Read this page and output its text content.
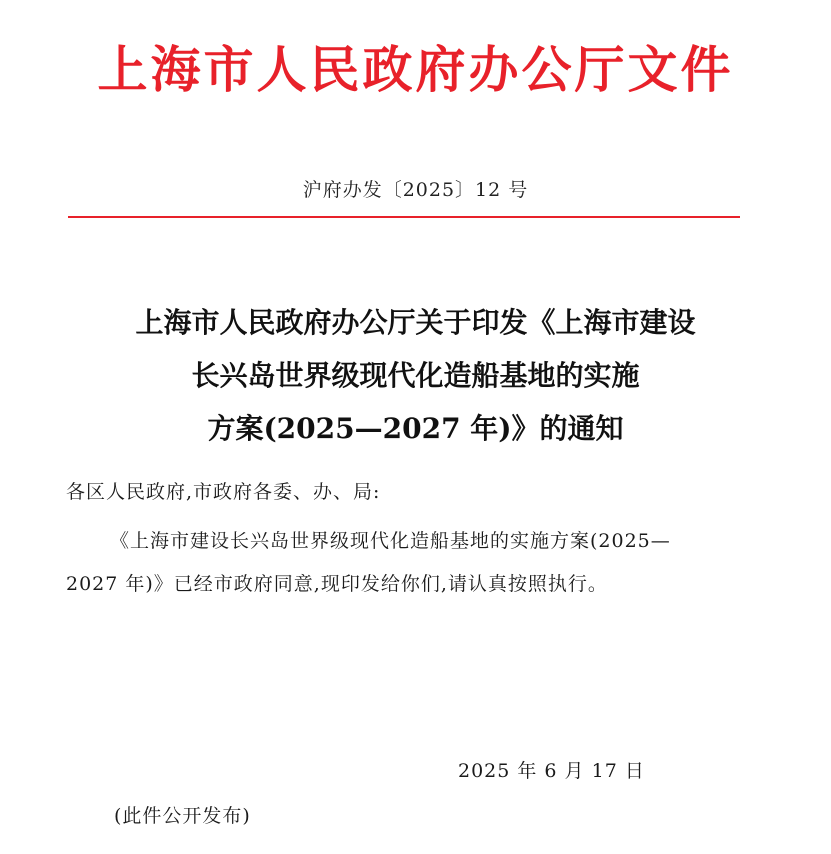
上海市人民政府办公厅文件
沪府办发〔2025〕12 号
上海市人民政府办公厅关于印发《上海市建设
长兴岛世界级现代化造船基地的实施
方案(2025—2027 年)》的通知
各区人民政府,市政府各委、办、局:
《上海市建设长兴岛世界级现代化造船基地的实施方案(2025—
2027 年)》已经市政府同意,现印发给你们,请认真按照执行。
2025 年 6 月 17 日
(此件公开发布)
